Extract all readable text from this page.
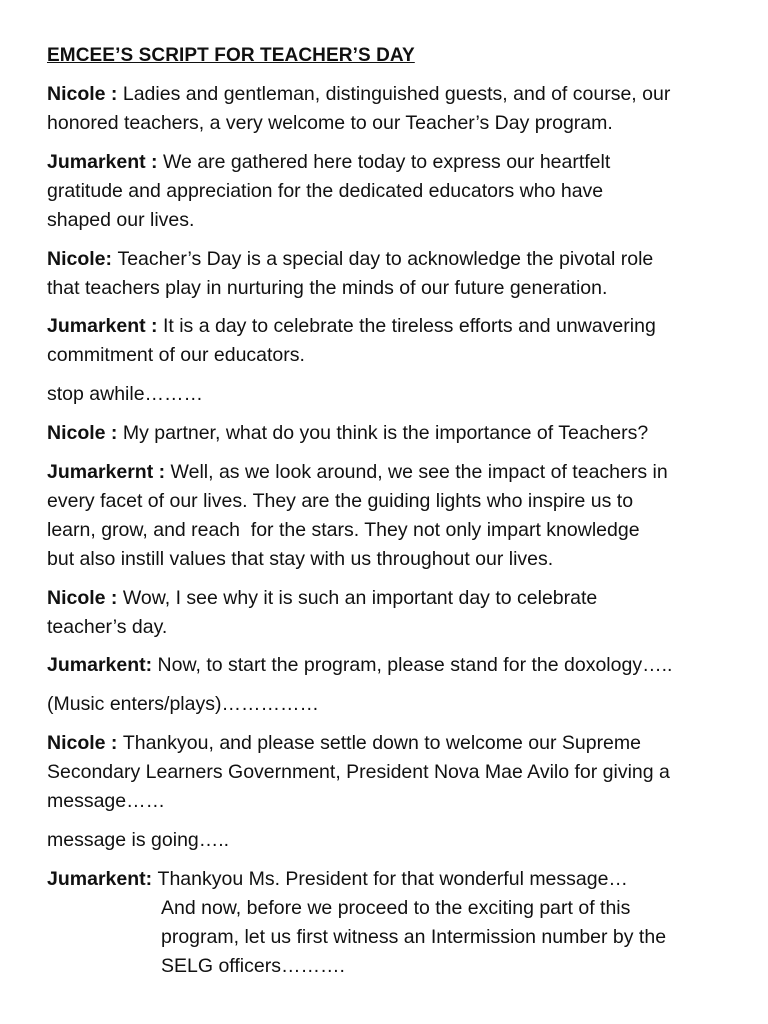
EMCEE’S SCRIPT FOR TEACHER’S DAY

Nicole : Ladies and gentleman, distinguished guests, and of course, our
honored teachers, a very welcome to our Teacher’s Day program.

Jumarkent : We are gathered here today to express our heartfelt
gratitude and appreciation for the dedicated educators who have
shaped our lives.

Nicole: Teacher’s Day is a special day to acknowledge the pivotal role
that teachers play in nurturing the minds of our future generation.

Jumarkent : It is a day to celebrate the tireless efforts and unwavering
commitment of our educators.

stop awhile………

Nicole : My partner, what do you think is the importance of Teachers?

Jumarkernt : Well, as we look around, we see the impact of teachers in
every facet of our lives. They are the guiding lights who inspire us to
learn, grow, and reach  for the stars. They not only impart knowledge
but also instill values that stay with us throughout our lives.

Nicole : Wow, I see why it is such an important day to celebrate
teacher’s day.

Jumarkent: Now, to start the program, please stand for the doxology…..

(Music enters/plays)……………

Nicole : Thankyou, and please settle down to welcome our Supreme
Secondary Learners Government, President Nova Mae Avilo for giving a
message……

message is going…..

Jumarkent: Thankyou Ms. President for that wonderful message…

And now, before we proceed to the exciting part of this
program, let us first witness an Intermission number by the
SELG officers……….
